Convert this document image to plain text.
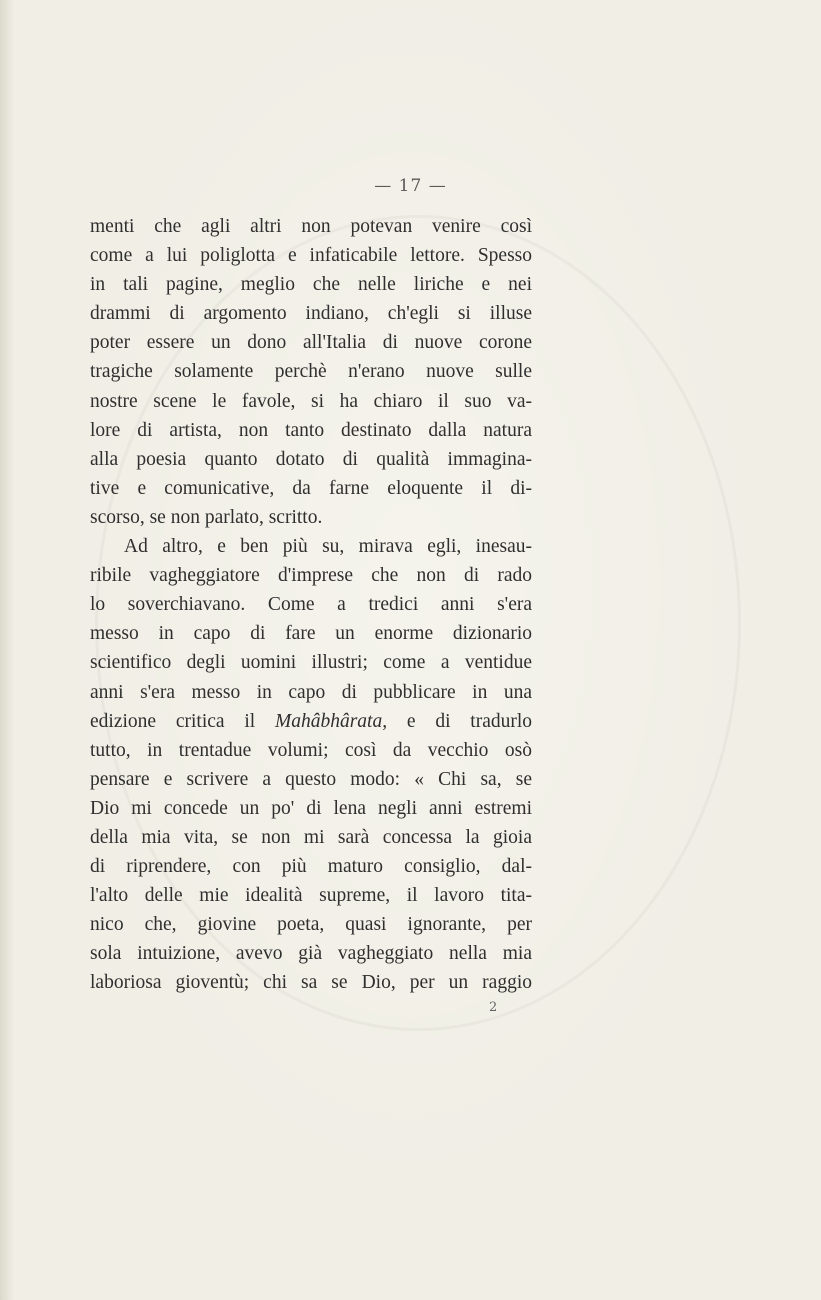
— 17 —
menti che agli altri non potevan venire così
come a lui poliglotta e infaticabile lettore. Spesso
in tali pagine, meglio che nelle liriche e nei
drammi di argomento indiano, ch'egli si illuse
poter essere un dono all'Italia di nuove corone
tragiche solamente perchè n'erano nuove sulle
nostre scene le favole, si ha chiaro il suo va-
lore di artista, non tanto destinato dalla natura
alla poesia quanto dotato di qualità immagina-
tive e comunicative, da farne eloquente il di-
scorso, se non parlato, scritto.
Ad altro, e ben più su, mirava egli, inesau-
ribile vagheggiatore d'imprese che non di rado
lo soverchiavano. Come a tredici anni s'era
messo in capo di fare un enorme dizionario
scientifico degli uomini illustri; come a ventidue
anni s'era messo in capo di pubblicare in una
edizione critica il Mahâbhârata, e di tradurlo
tutto, in trentadue volumi; così da vecchio osò
pensare e scrivere a questo modo: « Chi sa, se
Dio mi concede un po' di lena negli anni estremi
della mia vita, se non mi sarà concessa la gioia
di riprendere, con più maturo consiglio, dal-
l'alto delle mie idealità supreme, il lavoro tita-
nico che, giovine poeta, quasi ignorante, per
sola intuizione, avevo già vagheggiato nella mia
laboriosa gioventù; chi sa se Dio, per un raggio
2
